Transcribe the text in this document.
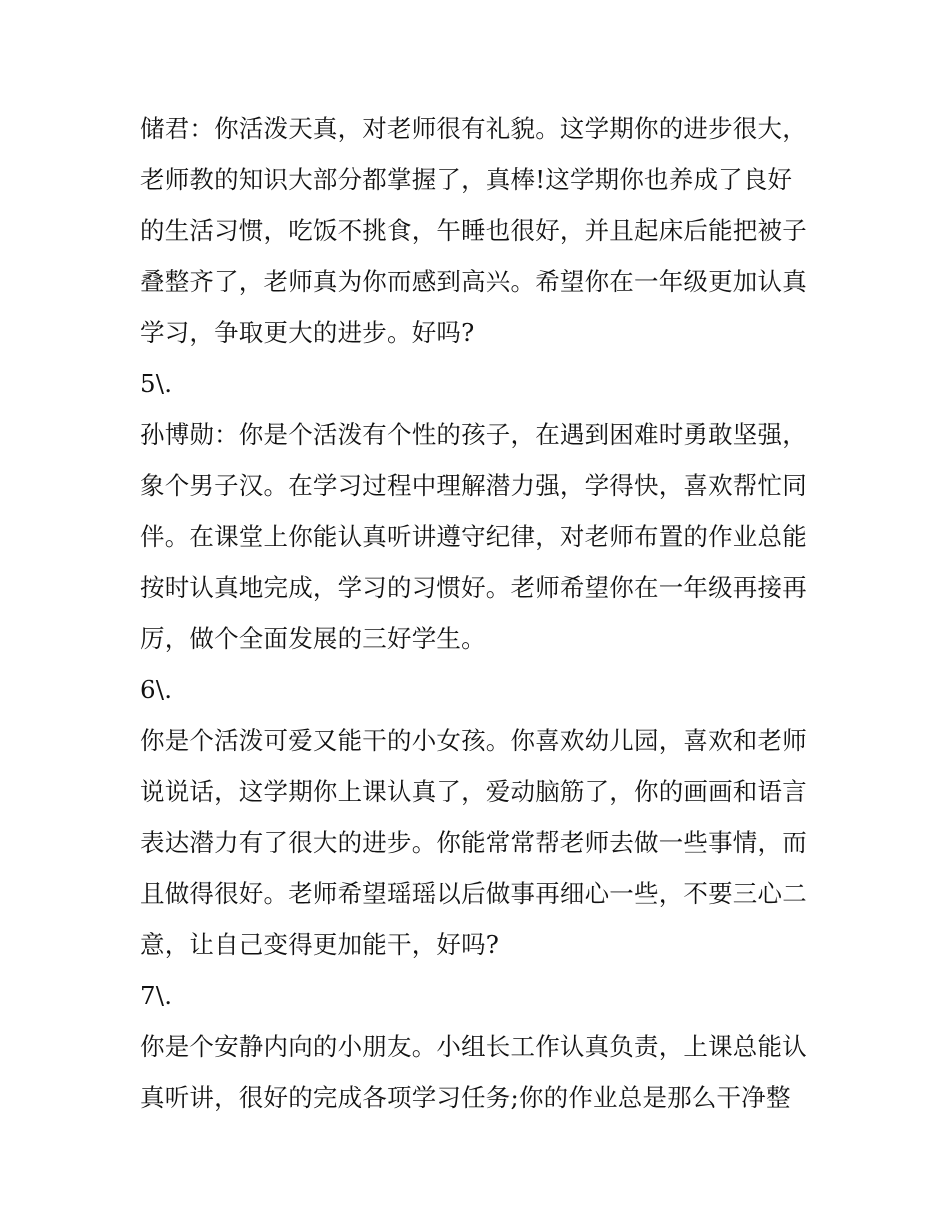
储君：你活泼天真，对老师很有礼貌。这学期你的进步很大，
老师教的知识大部分都掌握了，真棒!这学期你也养成了良好
的生活习惯，吃饭不挑食，午睡也很好，并且起床后能把被子
叠整齐了，老师真为你而感到高兴。希望你在一年级更加认真
学习，争取更大的进步。好吗?
5\.
孙博勋：你是个活泼有个性的孩子，在遇到困难时勇敢坚强，
象个男子汉。在学习过程中理解潜力强，学得快，喜欢帮忙同
伴。在课堂上你能认真听讲遵守纪律，对老师布置的作业总能
按时认真地完成，学习的习惯好。老师希望你在一年级再接再
厉，做个全面发展的三好学生。
6\.
你是个活泼可爱又能干的小女孩。你喜欢幼儿园，喜欢和老师
说说话，这学期你上课认真了，爱动脑筋了，你的画画和语言
表达潜力有了很大的进步。你能常常帮老师去做一些事情，而
且做得很好。老师希望瑶瑶以后做事再细心一些，不要三心二
意，让自己变得更加能干，好吗?
7\.
你是个安静内向的小朋友。小组长工作认真负责，上课总能认
真听讲，很好的完成各项学习任务;你的作业总是那么干净整
